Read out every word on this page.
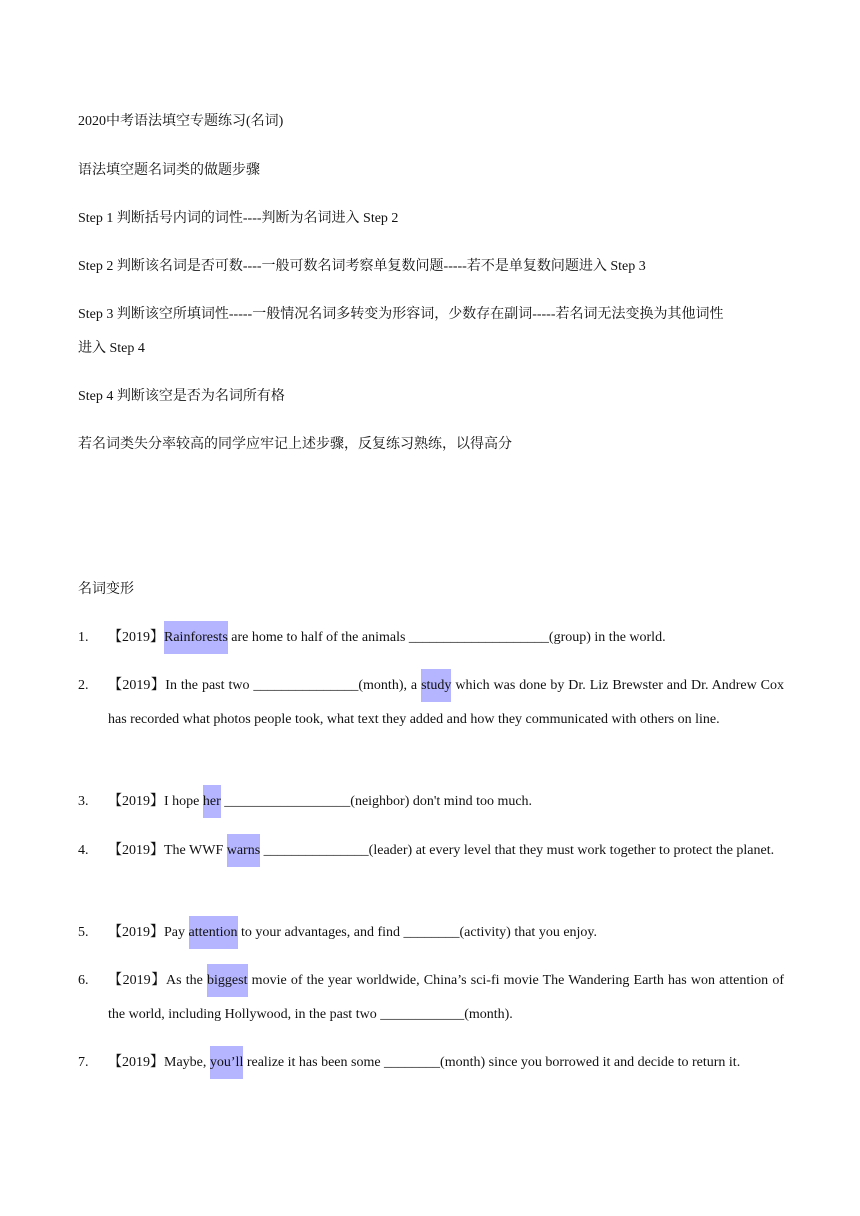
2020中考语法填空专题练习(名词)
语法填空题名词类的做题步骤
Step 1 判断括号内词的词性----判断为名词进入 Step 2
Step 2 判断该名词是否可数----一般可数名词考察单复数问题-----若不是单复数问题进入 Step 3
Step 3 判断该空所填词性-----一般情况名词多转变为形容词，少数存在副词-----若名词无法变换为其他词性
进入 Step 4
Step 4 判断该空是否为名词所有格
若名词类失分率较高的同学应牢记上述步骤，反复练习熟练，以得高分
名词变形
1.	【2019】Rainforests are home to half of the animals ____________________(group) in the world.
2.	【2019】In the past two _______________(month), a study which was done by Dr. Liz Brewster and Dr. Andrew Cox has recorded what photos people took, what text they added and how they communicated with others on line.
3.	【2019】I hope her __________________(neighbor) don't mind too much.
4.	【2019】The WWF warns _______________(leader) at every level that they must work together to protect the planet.
5.	【2019】Pay attention to your advantages, and find ________(activity) that you enjoy.
6.	【2019】As the biggest movie of the year worldwide, China’s sci-fi movie The Wandering Earth has won attention of the world, including Hollywood, in the past two ____________(month).
7.	【2019】Maybe, you’ll realize it has been some ________(month) since you borrowed it and decide to return it.
